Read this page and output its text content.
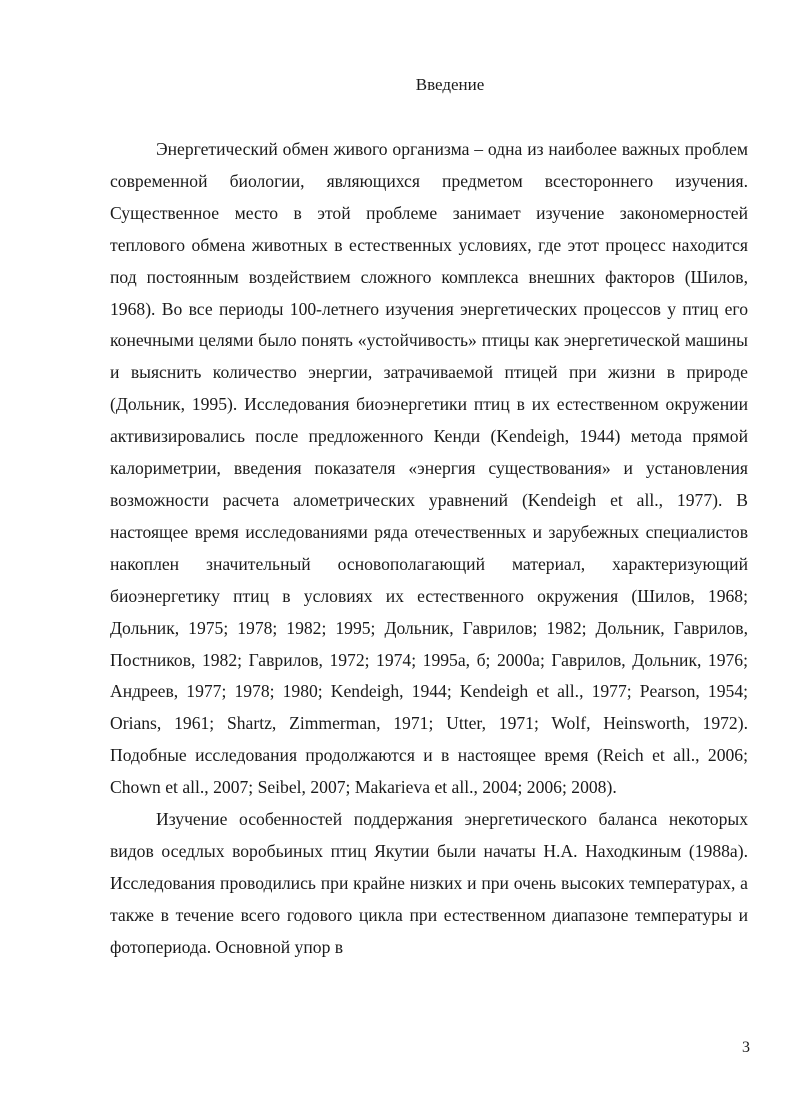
Введение

Энергетический обмен живого организма – одна из наиболее важных проблем современной биологии, являющихся предметом всестороннего изучения. Существенное место в этой проблеме занимает изучение закономерностей теплового обмена животных в естественных условиях, где этот процесс находится под постоянным воздействием сложного комплекса внешних факторов (Шилов, 1968). Во все периоды 100-летнего изучения энергетических процессов у птиц его конечными целями было понять «устойчивость» птицы как энергетической машины и выяснить количество энергии, затрачиваемой птицей при жизни в природе (Дольник, 1995). Исследования биоэнергетики птиц в их естественном окружении активизировались после предложенного Кенди (Kendeigh, 1944) метода прямой калориметрии, введения показателя «энергия существования» и установления возможности расчета алометрических уравнений (Kendeigh et all., 1977). В настоящее время исследованиями ряда отечественных и зарубежных специалистов накоплен значительный основополагающий материал, характеризующий биоэнергетику птиц в условиях их естественного окружения (Шилов, 1968; Дольник, 1975; 1978; 1982; 1995; Дольник, Гаврилов; 1982; Дольник, Гаврилов, Постников, 1982; Гаврилов, 1972; 1974; 1995а, б; 2000а; Гаврилов, Дольник, 1976; Андреев, 1977; 1978; 1980; Kendeigh, 1944; Kendeigh et all., 1977; Pearson, 1954; Orians, 1961; Shartz, Zimmerman, 1971; Utter, 1971; Wolf, Heinsworth, 1972). Подобные исследования продолжаются и в настоящее время (Reich et all., 2006; Chown et all., 2007; Seibel, 2007; Makarieva et all., 2004; 2006; 2008).

Изучение особенностей поддержания энергетического баланса некоторых видов оседлых воробьиных птиц Якутии были начаты Н.А. Находкиным (1988а). Исследования проводились при крайне низких и при очень высоких температурах, а также в течение всего годового цикла при естественном диапазоне температуры и фотопериода. Основной упор в

3
